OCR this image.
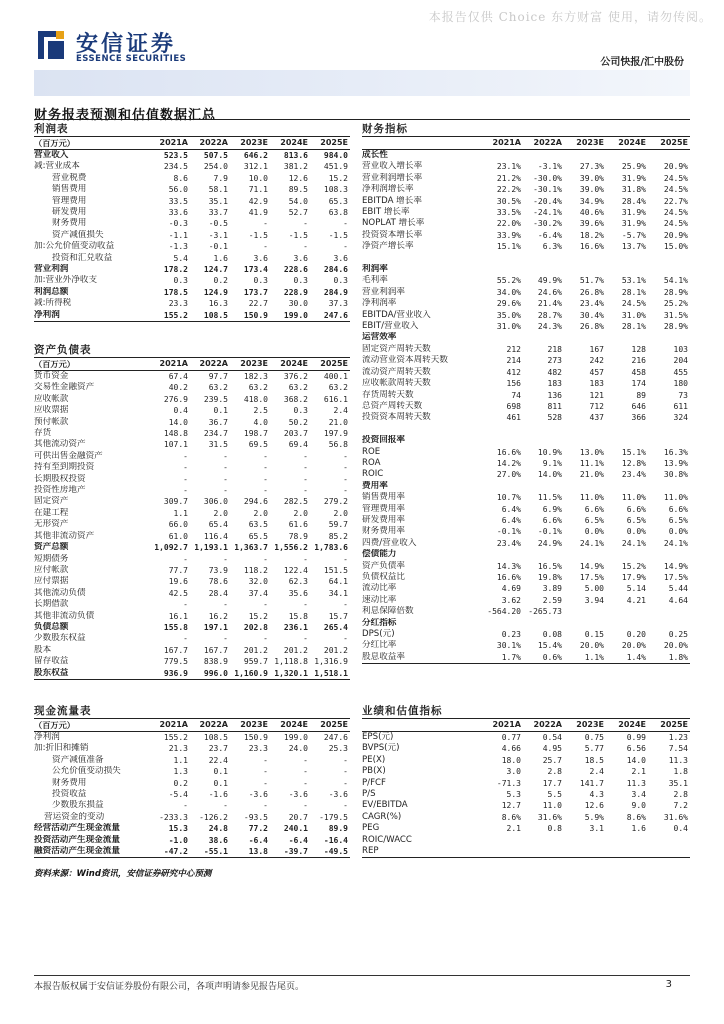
本报告仅供 Choice 东方财富 使用，请勿传阅。
安信证券
ESSENCE SECURITIES	公司快报/汇中股份
财务报表预测和估值数据汇总
利润表
（百万元）	2021A	2022A	2023E	2024E	2025E
营业收入	523.5	507.5	646.2	813.6	984.0
减:营业成本	234.5	254.0	312.1	381.2	451.9
营业税费	8.6	7.9	10.0	12.6	15.2
销售费用	56.0	58.1	71.1	89.5	108.3
管理费用	33.5	35.1	42.9	54.0	65.3
研发费用	33.6	33.7	41.9	52.7	63.8
财务费用	-0.3	-0.5	-	-	-
资产减值损失	-1.1	-3.1	-1.5	-1.5	-1.5
加:公允价值变动收益	-1.3	-0.1	-	-	-
投资和汇兑收益	5.4	1.6	3.6	3.6	3.6
营业利润	178.2	124.7	173.4	228.6	284.6
加:营业外净收支	0.3	0.2	0.3	0.3	0.3
利润总额	178.5	124.9	173.7	228.9	284.9
减:所得税	23.3	16.3	22.7	30.0	37.3
净利润	155.2	108.5	150.9	199.0	247.6
资产负债表
（百万元）	2021A	2022A	2023E	2024E	2025E
货币资金	67.4	97.7	182.3	376.2	400.1
交易性金融资产	40.2	63.2	63.2	63.2	63.2
应收帐款	276.9	239.5	418.0	368.2	616.1
应收票据	0.4	0.1	2.5	0.3	2.4
预付帐款	14.0	36.7	4.0	50.2	21.0
存货	148.8	234.7	198.7	203.7	197.9
其他流动资产	107.1	31.5	69.5	69.4	56.8
可供出售金融资产	-	-	-	-	-
持有至到期投资	-	-	-	-	-
长期股权投资	-	-	-	-	-
投资性房地产	-	-	-	-	-
固定资产	309.7	306.0	294.6	282.5	279.2
在建工程	1.1	2.0	2.0	2.0	2.0
无形资产	66.0	65.4	63.5	61.6	59.7
其他非流动资产	61.0	116.4	65.5	78.9	85.2
资产总额	1,092.7	1,193.1	1,363.7	1,556.2	1,783.6
短期债务	-	-	-	-	-
应付帐款	77.7	73.9	118.2	122.4	151.5
应付票据	19.6	78.6	32.0	62.3	64.1
其他流动负债	42.5	28.4	37.4	35.6	34.1
长期借款	-	-	-	-	-
其他非流动负债	16.1	16.2	15.2	15.8	15.7
负债总额	155.8	197.1	202.8	236.1	265.4
少数股东权益	-	-	-	-	-
股本	167.7	167.7	201.2	201.2	201.2
留存收益	779.5	838.9	959.7	1,118.8	1,316.9
股东权益	936.9	996.0	1,160.9	1,320.1	1,518.1
财务指标
	2021A	2022A	2023E	2024E	2025E
成长性					
营业收入增长率	23.1%	-3.1%	27.3%	25.9%	20.9%
营业利润增长率	21.2%	-30.0%	39.0%	31.9%	24.5%
净利润增长率	22.2%	-30.1%	39.0%	31.8%	24.5%
EBITDA 增长率	30.5%	-20.4%	34.9%	28.4%	22.7%
EBIT 增长率	33.5%	-24.1%	40.6%	31.9%	24.5%
NOPLAT 增长率	22.0%	-30.2%	39.6%	31.9%	24.5%
投资资本增长率	33.9%	-6.4%	18.2%	-5.7%	20.9%
净资产增长率	15.1%	6.3%	16.6%	13.7%	15.0%

利润率					
毛利率	55.2%	49.9%	51.7%	53.1%	54.1%
营业利润率	34.0%	24.6%	26.8%	28.1%	28.9%
净利润率	29.6%	21.4%	23.4%	24.5%	25.2%
EBITDA/营业收入	35.0%	28.7%	30.4%	31.0%	31.5%
EBIT/营业收入	31.0%	24.3%	26.8%	28.1%	28.9%
运营效率					
固定资产周转天数	212	218	167	128	103
流动营业资本周转天数	214	273	242	216	204
流动资产周转天数	412	482	457	458	455
应收帐款周转天数	156	183	183	174	180
存货周转天数	74	136	121	89	73
总资产周转天数	698	811	712	646	611
投资资本周转天数	461	528	437	366	324

投资回报率					
ROE	16.6%	10.9%	13.0%	15.1%	16.3%
ROA	14.2%	9.1%	11.1%	12.8%	13.9%
ROIC	27.0%	14.0%	21.0%	23.4%	30.8%
费用率					
销售费用率	10.7%	11.5%	11.0%	11.0%	11.0%
管理费用率	6.4%	6.9%	6.6%	6.6%	6.6%
研发费用率	6.4%	6.6%	6.5%	6.5%	6.5%
财务费用率	-0.1%	-0.1%	0.0%	0.0%	0.0%
四费/营业收入	23.4%	24.9%	24.1%	24.1%	24.1%
偿债能力					
资产负债率	14.3%	16.5%	14.9%	15.2%	14.9%
负债权益比	16.6%	19.8%	17.5%	17.9%	17.5%
流动比率	4.69	3.89	5.00	5.14	5.44
速动比率	3.62	2.59	3.94	4.21	4.64
利息保障倍数	-564.20	-265.73			
分红指标					
DPS(元)	0.23	0.08	0.15	0.20	0.25
分红比率	30.1%	15.4%	20.0%	20.0%	20.0%
股息收益率	1.7%	0.6%	1.1%	1.4%	1.8%
现金流量表
（百万元）	2021A	2022A	2023E	2024E	2025E
净利润	155.2	108.5	150.9	199.0	247.6
加:折旧和摊销	21.3	23.7	23.3	24.0	25.3
资产减值准备	1.1	22.4	-	-	-
公允价值变动损失	1.3	0.1	-	-	-
财务费用	0.2	0.1	-	-	-
投资收益	-5.4	-1.6	-3.6	-3.6	-3.6
少数股东损益	-	-	-	-	-
营运资金的变动	-233.3	-126.2	-93.5	20.7	-179.5
经营活动产生现金流量	15.3	24.8	77.2	240.1	89.9
投资活动产生现金流量	-1.0	38.6	-6.4	-6.4	-16.4
融资活动产生现金流量	-47.2	-55.1	13.8	-39.7	-49.5
业绩和估值指标
	2021A	2022A	2023E	2024E	2025E
EPS(元)	0.77	0.54	0.75	0.99	1.23
BVPS(元)	4.66	4.95	5.77	6.56	7.54
PE(X)	18.0	25.7	18.5	14.0	11.3
PB(X)	3.0	2.8	2.4	2.1	1.8
P/FCF	-71.3	17.7	141.7	11.3	35.1
P/S	5.3	5.5	4.3	3.4	2.8
EV/EBITDA	12.7	11.0	12.6	9.0	7.2
CAGR(%)	8.6%	31.6%	5.9%	8.6%	31.6%
PEG	2.1	0.8	3.1	1.6	0.4
ROIC/WACC					
REP					
资料来源：Wind资讯，安信证券研究中心预测
本报告版权属于安信证券股份有限公司，各项声明请参见报告尾页。	3
